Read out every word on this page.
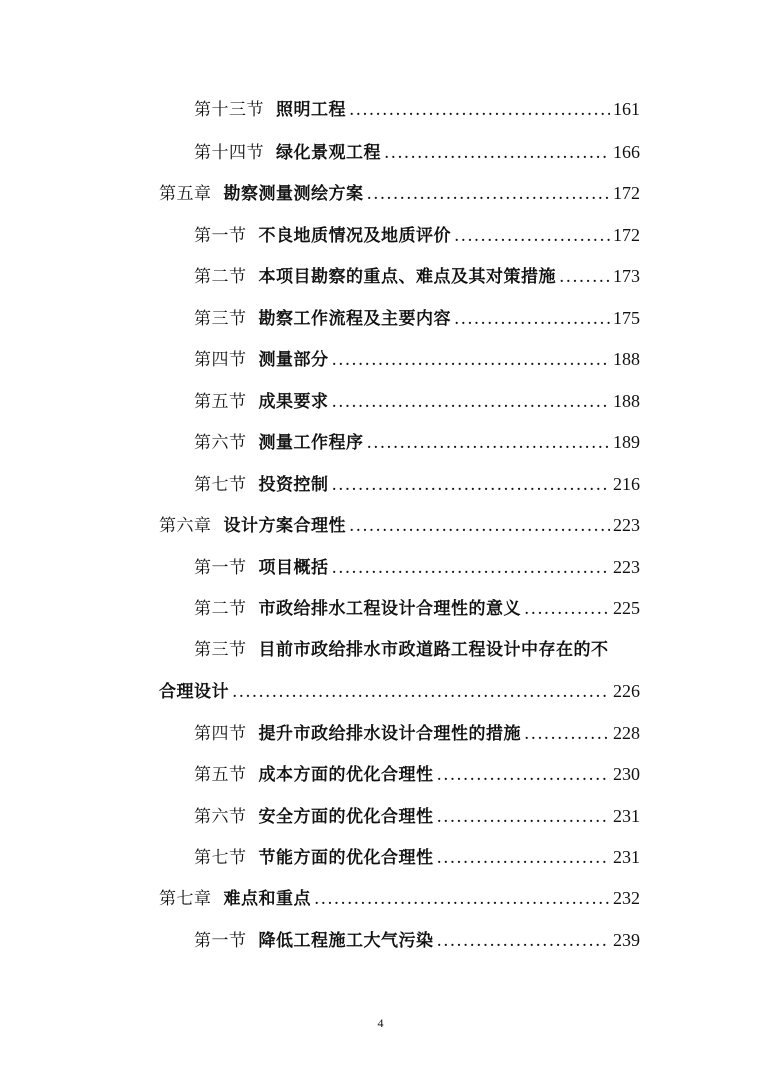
第十三节 照明工程 .....	161
第十四节 绿化景观工程 .....	166
第五章 勘察测量测绘方案 .....	172
第一节 不良地质情况及地质评价 .....	172
第二节 本项目勘察的重点、难点及其对策措施 .....	173
第三节 勘察工作流程及主要内容 .....	175
第四节 测量部分 .....	188
第五节 成果要求 .....	188
第六节 测量工作程序 .....	189
第七节 投资控制 .....	216
第六章 设计方案合理性 .....	223
第一节 项目概括 .....	223
第二节 市政给排水工程设计合理性的意义 .....	225
第三节 目前市政给排水市政道路工程设计中存在的不
合理设计 .....	226
第四节 提升市政给排水设计合理性的措施 .....	228
第五节 成本方面的优化合理性 .....	230
第六节 安全方面的优化合理性 .....	231
第七节 节能方面的优化合理性 .....	231
第七章 难点和重点 .....	232
第一节 降低工程施工大气污染 .....	239
4
